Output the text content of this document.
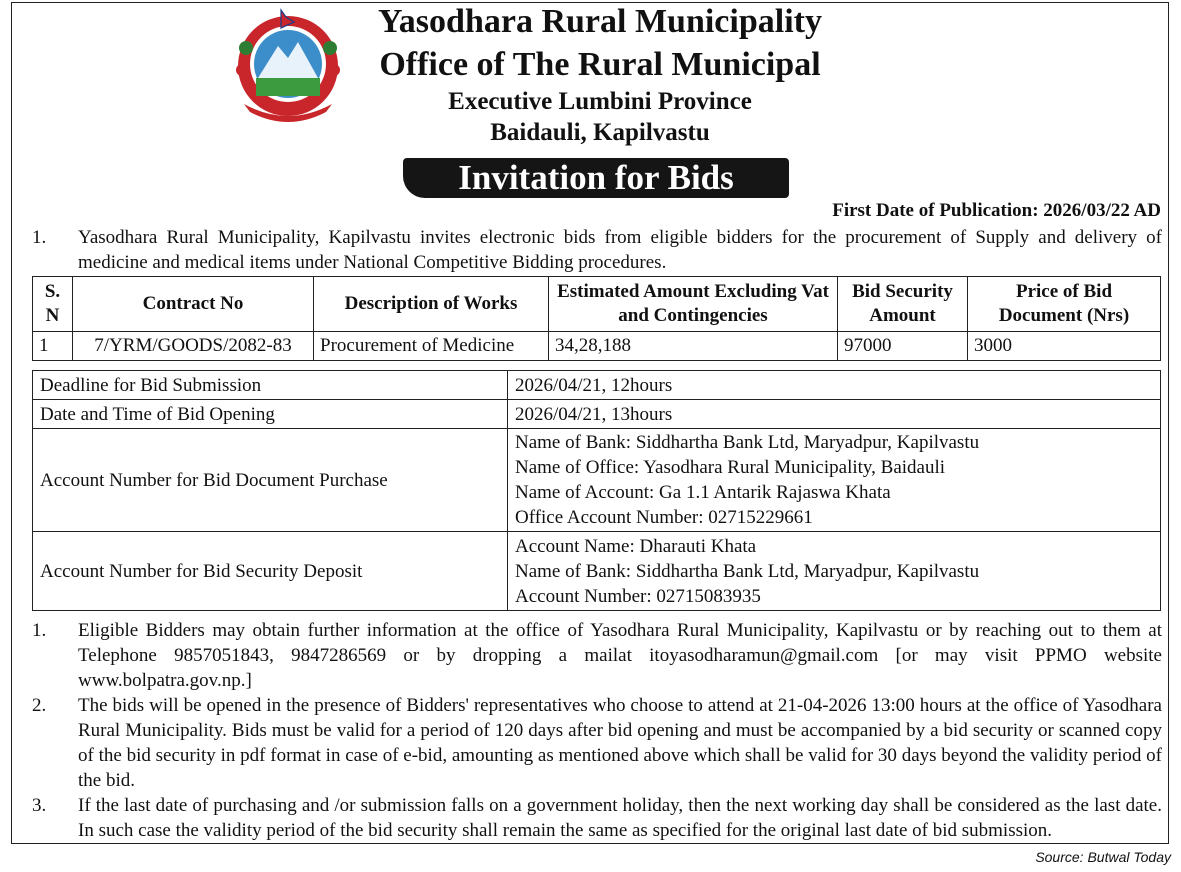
Yasodhara Rural Municipality
Office of The Rural Municipal
Executive Lumbini Province
Baidauli, Kapilvastu
Invitation for Bids
First Date of Publication: 2026/03/22 AD
1. Yasodhara Rural Municipality, Kapilvastu invites electronic bids from eligible bidders for the procurement of Supply and delivery of medicine and medical items under National Competitive Bidding procedures.
S. N	Contract No	Description of Works	Estimated Amount Excluding Vat and Contingencies	Bid Security Amount	Price of Bid Document (Nrs)
1	7/YRM/GOODS/2082-83	Procurement of Medicine	34,28,188	97000	3000
Deadline for Bid Submission	2026/04/21, 12hours
Date and Time of Bid Opening	2026/04/21, 13hours
Account Number for Bid Document Purchase	Name of Bank: Siddhartha Bank Ltd, Maryadpur, Kapilvastu
Name of Office: Yasodhara Rural Municipality, Baidauli
Name of Account: Ga 1.1 Antarik Rajaswa Khata
Office Account Number: 02715229661

Account Number for Bid Security Deposit	Account Name: Dharauti Khata
Name of Bank: Siddhartha Bank Ltd, Maryadpur, Kapilvastu
Account Number: 02715083935
1. Eligible Bidders may obtain further information at the office of Yasodhara Rural Municipality, Kapilvastu or by reaching out to them at Telephone 9857051843, 9847286569 or by dropping a mailat itoyasodharamun@gmail.com [or may visit PPMO website www.bolpatra.gov.np.]
2. The bids will be opened in the presence of Bidders' representatives who choose to attend at 21-04-2026 13:00 hours at the office of Yasodhara Rural Municipality. Bids must be valid for a period of 120 days after bid opening and must be accompanied by a bid security or scanned copy of the bid security in pdf format in case of e-bid, amounting as mentioned above which shall be valid for 30 days beyond the validity period of the bid.
3. If the last date of purchasing and /or submission falls on a government holiday, then the next working day shall be considered as the last date. In such case the validity period of the bid security shall remain the same as specified for the original last date of bid submission.
Source: Butwal Today
